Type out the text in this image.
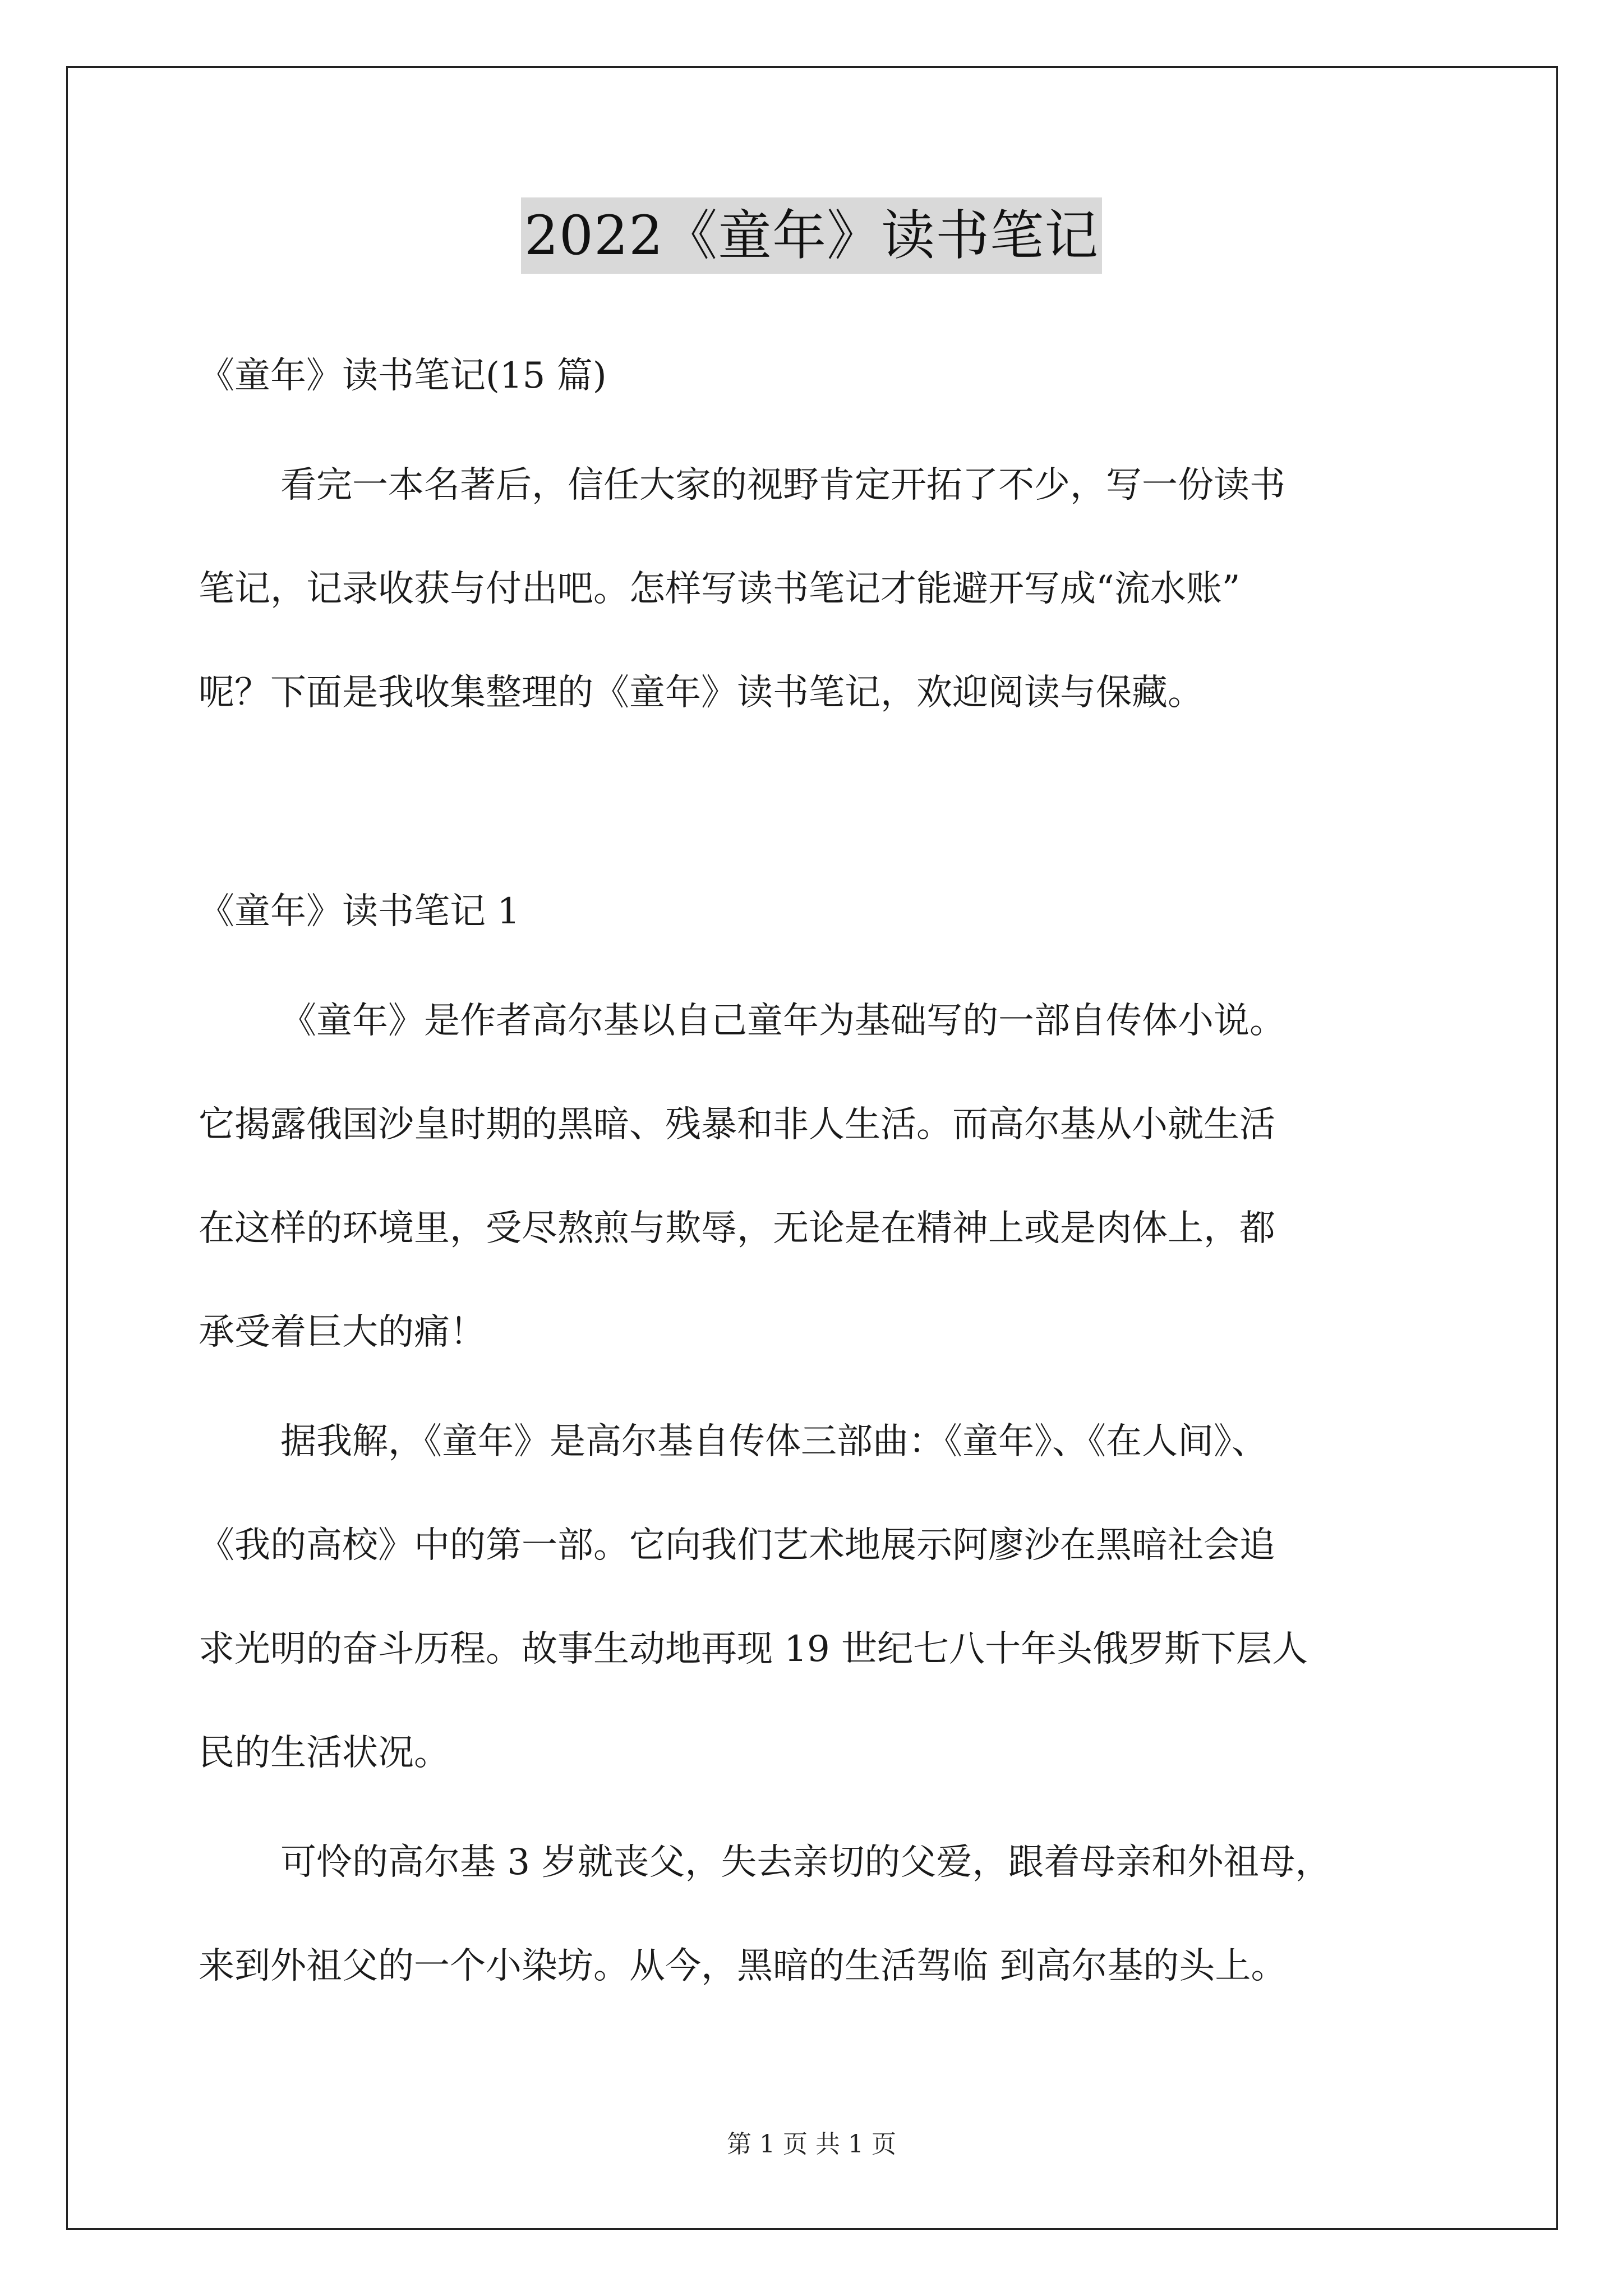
2022《童年》读书笔记
《童年》读书笔记(15 篇)
看完一本名著后，信任大家的视野肯定开拓了不少，写一份读书
笔记，记录收获与付出吧。怎样写读书笔记才能避开写成“流水账”
呢？下面是我收集整理的《童年》读书笔记，欢迎阅读与保藏。
《童年》读书笔记 1
《童年》是作者高尔基以自己童年为基础写的一部自传体小说。
它揭露俄国沙皇时期的黑暗、残暴和非人生活。而高尔基从小就生活
在这样的环境里，受尽熬煎与欺辱，无论是在精神上或是肉体上，都
承受着巨大的痛！
据我解，《童年》是高尔基自传体三部曲：《童年》、《在人间》、
《我的高校》中的第一部。它向我们艺术地展示阿廖沙在黑暗社会追
求光明的奋斗历程。故事生动地再现 19 世纪七八十年头俄罗斯下层人
民的生活状况。
可怜的高尔基 3 岁就丧父，失去亲切的父爱，跟着母亲和外祖母，
来到外祖父的一个小染坊。从今，黑暗的生活驾临 到高尔基的头上。
第 1 页 共 1 页
